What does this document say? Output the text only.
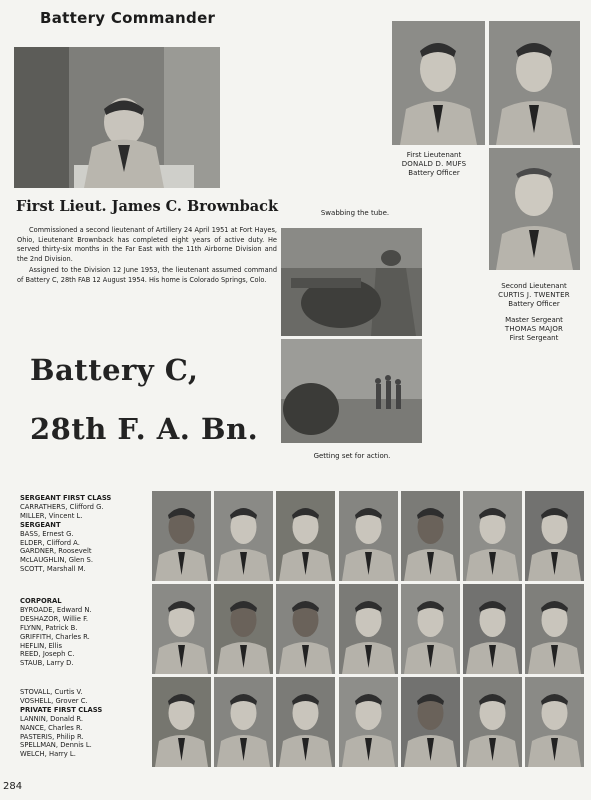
Battery Commander
First Lieut. James C. Brownback

Commissioned a second lieutenant of Artillery 24 April 1951 at Fort Hayes, Ohio, Lieutenant Brownback has completed eight years of active duty. He served thirty-six months in the Far East with the 11th Airborne Division and the 2nd Division.

Assigned to the Division 12 June 1953, the lieutenant assumed command of Battery C, 28th FAB 12 August 1954. His home is Colorado Springs, Colo.

First Lieutenant
DONALD D. MUFS
Battery Officer
Second Lieutenant
CURTIS J. TWENTER
Battery Officer
Master Sergeant
THOMAS MAJOR
First Sergeant
Swabbing the tube.
Getting set for action.
Battery C,
28th F. A. Bn.
SERGEANT FIRST CLASS
CARRATHERS, Clifford G.
MILLER, Vincent L.
SERGEANT
BASS, Ernest G.
ELDER, Clifford A.
GARDNER, Roosevelt
McLAUGHLIN, Glen S.
SCOTT, Marshall M.
CORPORAL
BYROADE, Edward N.
DESHAZOR, Willie F.
FLYNN, Patrick B.
GRIFFITH, Charles R.
HEFLIN, Ellis
REED, Joseph C.
STAUB, Larry D.
STOVALL, Curtis V.
VOSHELL, Grover C.
PRIVATE FIRST CLASS
LANNIN, Donald R.
NANCE, Charles R.
PASTERIS, Philip R.
SPELLMAN, Dennis L.
WELCH, Harry L.
284
